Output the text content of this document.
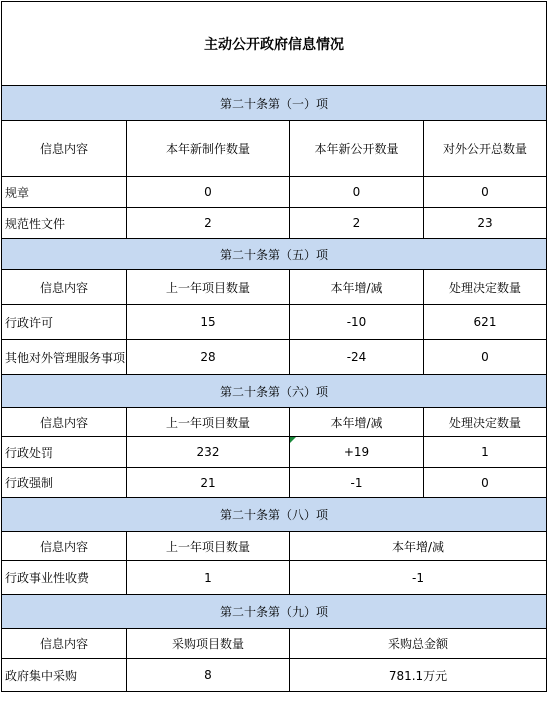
主动公开政府信息情况			
第二十条第（一）项			
信息内容	本年新制作数量	本年新公开数量	对外公开总数量
规章	0	0	0
规范性文件	2	2	23
第二十条第（五）项			
信息内容	上一年项目数量	本年增/减	处理决定数量
行政许可	15	-10	621
其他对外管理服务事项	28	-24	0
第二十条第（六）项			
信息内容	上一年项目数量	本年增/减	处理决定数量
行政处罚	232	+19	1
行政强制	21	-1	0
第二十条第（八）项			
信息内容	上一年项目数量	本年增/减	
行政事业性收费	1	-1	
第二十条第（九）项			
信息内容	采购项目数量	采购总金额	
政府集中采购	8	781.1万元	
